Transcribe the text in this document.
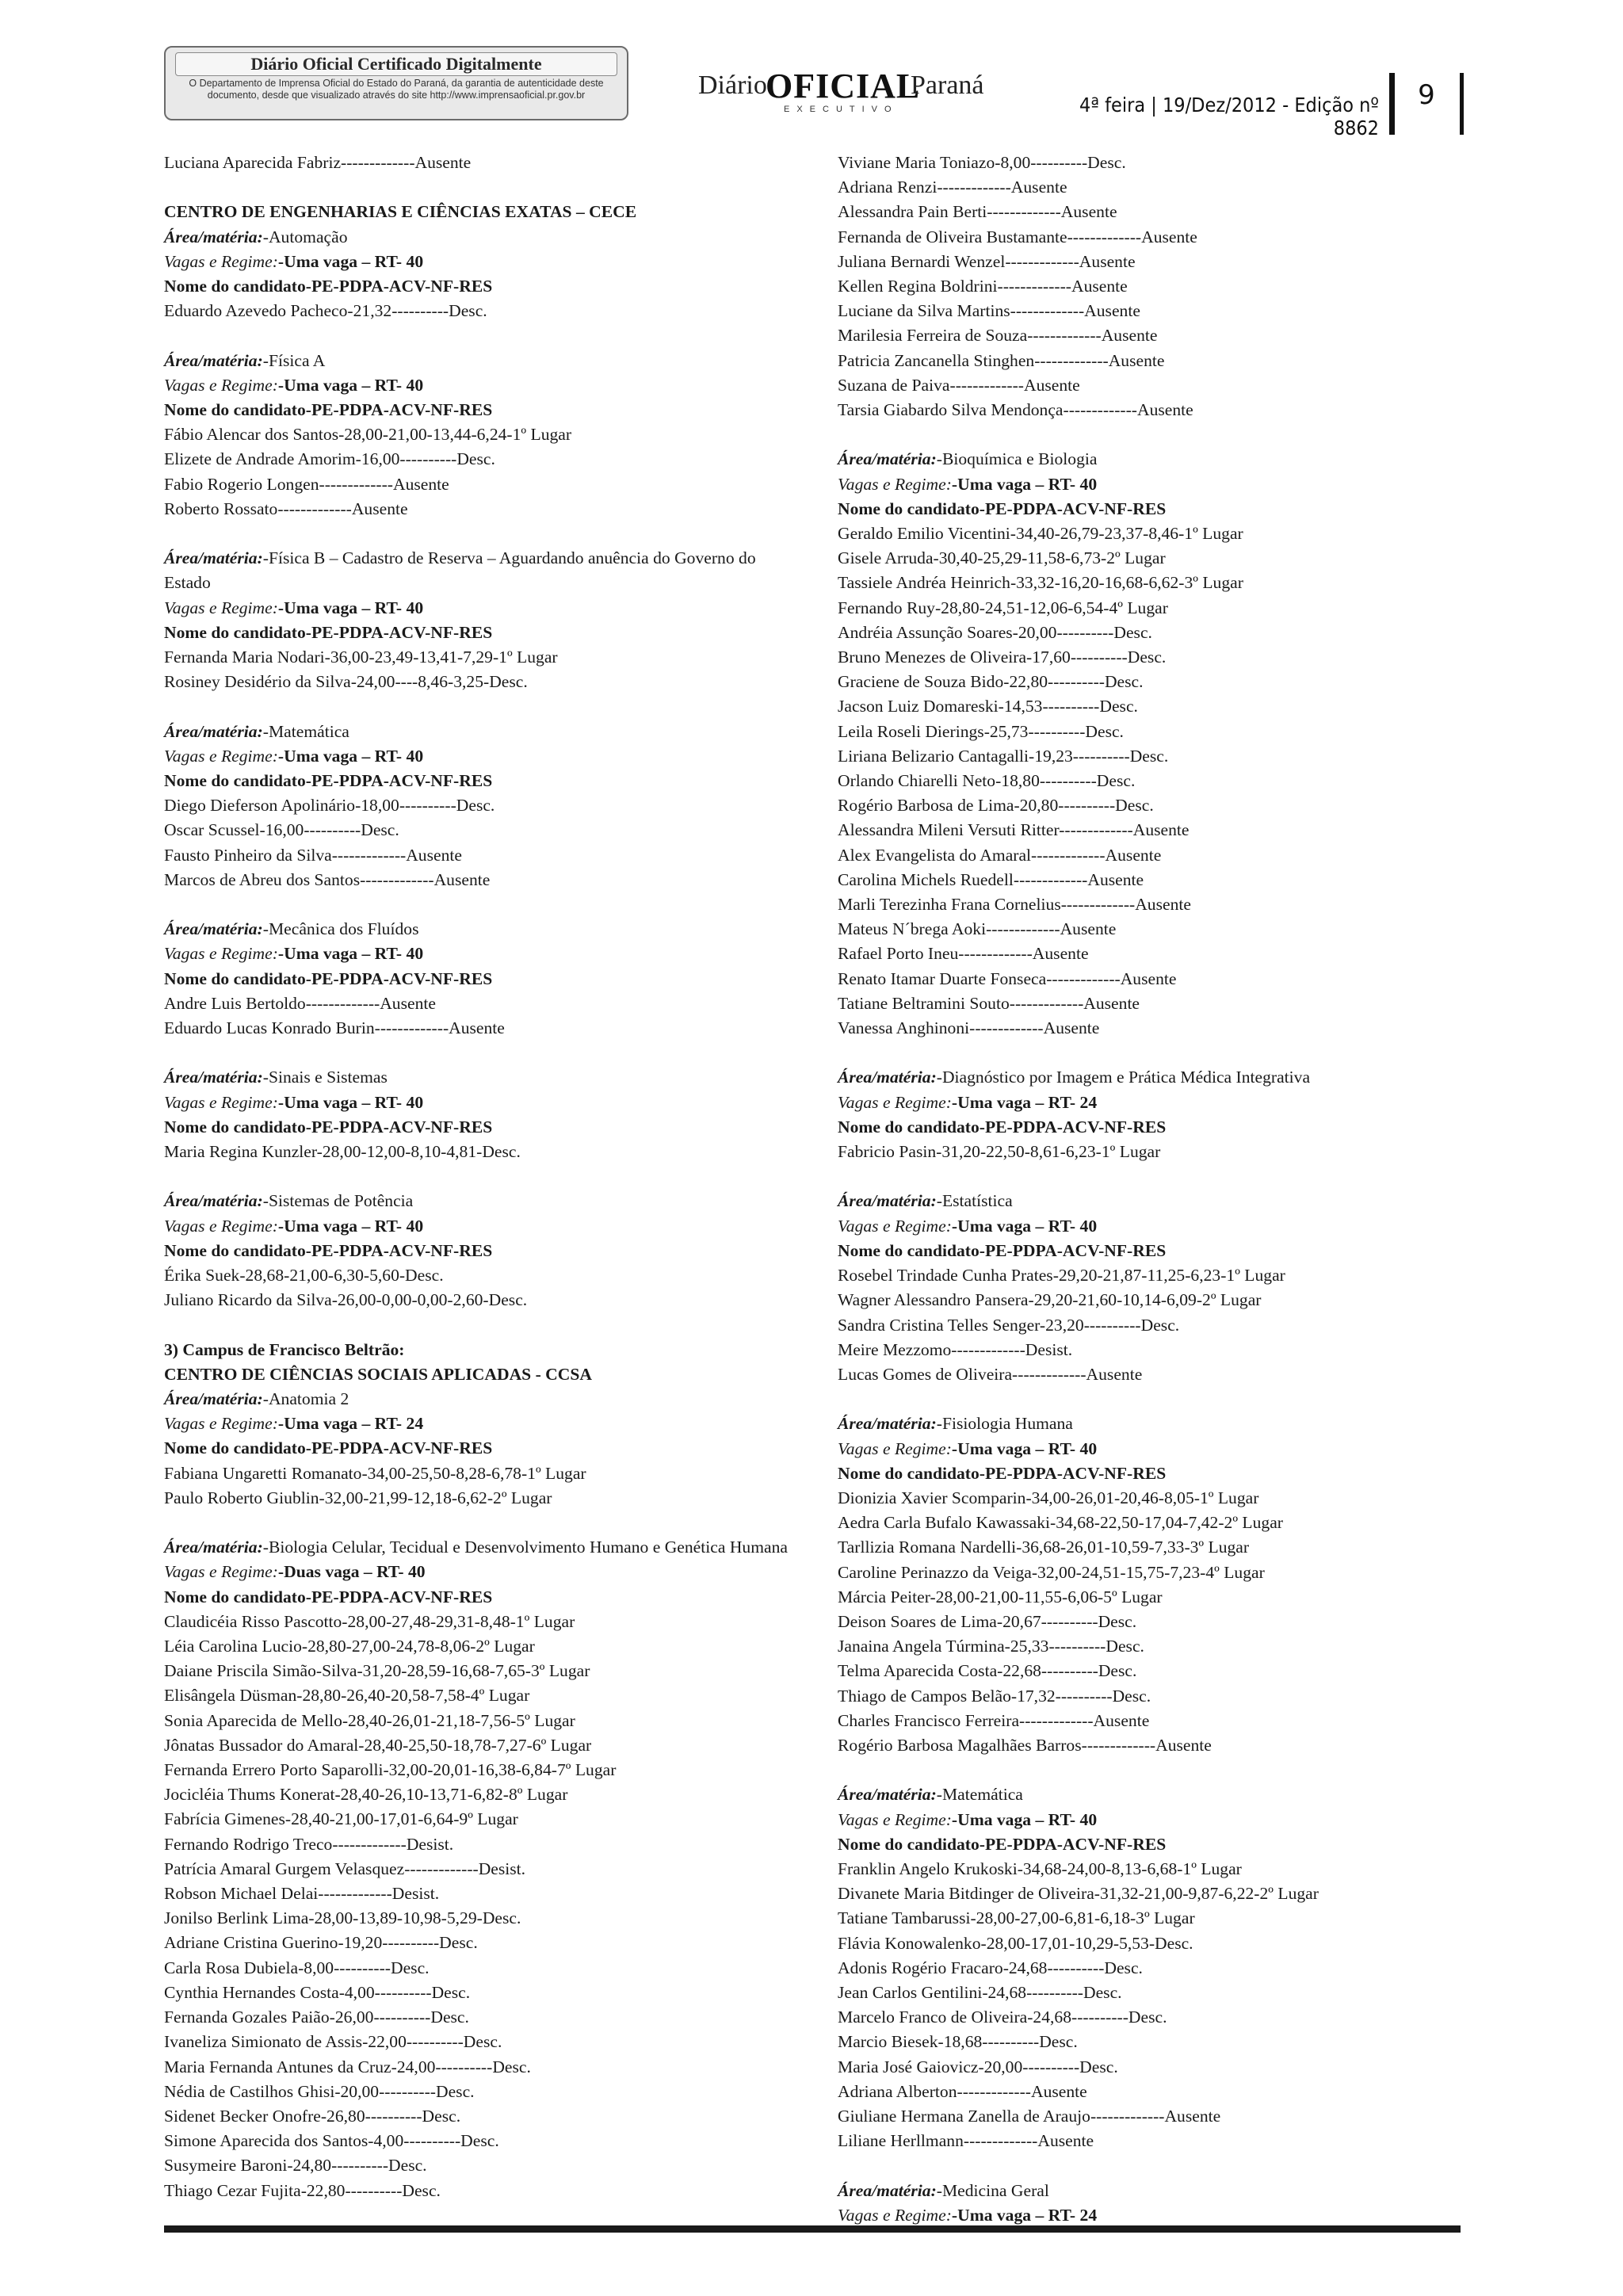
Diário Oficial Certificado Digitalmente
O Departamento de Imprensa Oficial do Estado do Paraná, da garantia de autenticidade deste documento, desde que visualizado através do site http://www.imprensaoficial.pr.gov.br	Diário
OFICIAL
Paraná
EXECUTIVO	4ª feira | 19/Dez/2012 - Edição nº 8862
9
Luciana Aparecida Fabriz-------------Ausente
CENTRO DE ENGENHARIAS E CIÊNCIAS EXATAS – CECE
Área/matéria:-Automação
Vagas e Regime:-Uma vaga – RT- 40
Nome do candidato-PE-PDPA-ACV-NF-RES
Eduardo Azevedo Pacheco-21,32----------Desc.
Área/matéria:-Física A
Vagas e Regime:-Uma vaga – RT- 40
Nome do candidato-PE-PDPA-ACV-NF-RES
Fábio Alencar dos Santos-28,00-21,00-13,44-6,24-1º Lugar
Elizete de Andrade Amorim-16,00----------Desc.
Fabio Rogerio Longen-------------Ausente
Roberto Rossato-------------Ausente
Área/matéria:-Física B – Cadastro de Reserva – Aguardando anuência do Governo do Estado
Vagas e Regime:-Uma vaga – RT- 40
Nome do candidato-PE-PDPA-ACV-NF-RES
Fernanda Maria Nodari-36,00-23,49-13,41-7,29-1º Lugar
Rosiney Desidério da Silva-24,00----8,46-3,25-Desc.
Área/matéria:-Matemática
Vagas e Regime:-Uma vaga – RT- 40
Nome do candidato-PE-PDPA-ACV-NF-RES
Diego Dieferson Apolinário-18,00----------Desc.
Oscar Scussel-16,00----------Desc.
Fausto Pinheiro da Silva-------------Ausente
Marcos de Abreu dos Santos-------------Ausente
Área/matéria:-Mecânica dos Fluídos
Vagas e Regime:-Uma vaga – RT- 40
Nome do candidato-PE-PDPA-ACV-NF-RES
Andre Luis Bertoldo-------------Ausente
Eduardo Lucas Konrado Burin-------------Ausente
Área/matéria:-Sinais e Sistemas
Vagas e Regime:-Uma vaga – RT- 40
Nome do candidato-PE-PDPA-ACV-NF-RES
Maria Regina Kunzler-28,00-12,00-8,10-4,81-Desc.
Área/matéria:-Sistemas de Potência
Vagas e Regime:-Uma vaga – RT- 40
Nome do candidato-PE-PDPA-ACV-NF-RES
Érika Suek-28,68-21,00-6,30-5,60-Desc.
Juliano Ricardo da Silva-26,00-0,00-0,00-2,60-Desc.
3) Campus de Francisco Beltrão:
CENTRO DE CIÊNCIAS SOCIAIS APLICADAS - CCSA
Área/matéria:-Anatomia 2
Vagas e Regime:-Uma vaga – RT- 24
Nome do candidato-PE-PDPA-ACV-NF-RES
Fabiana Ungaretti Romanato-34,00-25,50-8,28-6,78-1º Lugar
Paulo Roberto Giublin-32,00-21,99-12,18-6,62-2º Lugar
Área/matéria:-Biologia Celular, Tecidual e Desenvolvimento Humano e Genética Humana
Vagas e Regime:-Duas vaga – RT- 40
Nome do candidato-PE-PDPA-ACV-NF-RES
Claudicéia Risso Pascotto-28,00-27,48-29,31-8,48-1º Lugar
Léia Carolina Lucio-28,80-27,00-24,78-8,06-2º Lugar
Daiane Priscila Simão-Silva-31,20-28,59-16,68-7,65-3º Lugar
Elisângela Düsman-28,80-26,40-20,58-7,58-4º Lugar
Sonia Aparecida de Mello-28,40-26,01-21,18-7,56-5º Lugar
Jônatas Bussador do Amaral-28,40-25,50-18,78-7,27-6º Lugar
Fernanda Errero Porto Saparolli-32,00-20,01-16,38-6,84-7º Lugar
Jocicléia Thums Konerat-28,40-26,10-13,71-6,82-8º Lugar
Fabrícia Gimenes-28,40-21,00-17,01-6,64-9º Lugar
Fernando Rodrigo Treco-------------Desist.
Patrícia Amaral Gurgem Velasquez-------------Desist.
Robson Michael Delai-------------Desist.
Jonilso Berlink Lima-28,00-13,89-10,98-5,29-Desc.
Adriane Cristina Guerino-19,20----------Desc.
Carla Rosa Dubiela-8,00----------Desc.
Cynthia Hernandes Costa-4,00----------Desc.
Fernanda Gozales Paião-26,00----------Desc.
Ivaneliza Simionato de Assis-22,00----------Desc.
Maria Fernanda Antunes da Cruz-24,00----------Desc.
Nédia de Castilhos Ghisi-20,00----------Desc.
Sidenet Becker Onofre-26,80----------Desc.
Simone Aparecida dos Santos-4,00----------Desc.
Susymeire Baroni-24,80----------Desc.
Thiago Cezar Fujita-22,80----------Desc.
Viviane Maria Toniazo-8,00----------Desc.
Adriana Renzi-------------Ausente
Alessandra Pain Berti-------------Ausente
Fernanda de Oliveira Bustamante-------------Ausente
Juliana Bernardi Wenzel-------------Ausente
Kellen Regina Boldrini-------------Ausente
Luciane da Silva Martins-------------Ausente
Marilesia Ferreira de Souza-------------Ausente
Patricia Zancanella Stinghen-------------Ausente
Suzana de Paiva-------------Ausente
Tarsia Giabardo Silva Mendonça-------------Ausente
Área/matéria:-Bioquímica e Biologia
Vagas e Regime:-Uma vaga – RT- 40
Nome do candidato-PE-PDPA-ACV-NF-RES
Geraldo Emilio Vicentini-34,40-26,79-23,37-8,46-1º Lugar
Gisele Arruda-30,40-25,29-11,58-6,73-2º Lugar
Tassiele Andréa Heinrich-33,32-16,20-16,68-6,62-3º Lugar
Fernando Ruy-28,80-24,51-12,06-6,54-4º Lugar
Andréia Assunção Soares-20,00----------Desc.
Bruno Menezes de Oliveira-17,60----------Desc.
Graciene de Souza Bido-22,80----------Desc.
Jacson Luiz Domareski-14,53----------Desc.
Leila Roseli Dierings-25,73----------Desc.
Liriana Belizario Cantagalli-19,23----------Desc.
Orlando Chiarelli Neto-18,80----------Desc.
Rogério Barbosa de Lima-20,80----------Desc.
Alessandra Mileni Versuti Ritter-------------Ausente
Alex Evangelista do Amaral-------------Ausente
Carolina Michels Ruedell-------------Ausente
Marli Terezinha Frana Cornelius-------------Ausente
Mateus N´brega Aoki-------------Ausente
Rafael Porto Ineu-------------Ausente
Renato Itamar Duarte Fonseca-------------Ausente
Tatiane Beltramini Souto-------------Ausente
Vanessa Anghinoni-------------Ausente
Área/matéria:-Diagnóstico por Imagem e Prática Médica Integrativa
Vagas e Regime:-Uma vaga – RT- 24
Nome do candidato-PE-PDPA-ACV-NF-RES
Fabricio Pasin-31,20-22,50-8,61-6,23-1º Lugar
Área/matéria:-Estatística
Vagas e Regime:-Uma vaga – RT- 40
Nome do candidato-PE-PDPA-ACV-NF-RES
Rosebel Trindade Cunha Prates-29,20-21,87-11,25-6,23-1º Lugar
Wagner Alessandro Pansera-29,20-21,60-10,14-6,09-2º Lugar
Sandra Cristina Telles Senger-23,20----------Desc.
Meire Mezzomo-------------Desist.
Lucas Gomes de Oliveira-------------Ausente
Área/matéria:-Fisiologia Humana
Vagas e Regime:-Uma vaga – RT- 40
Nome do candidato-PE-PDPA-ACV-NF-RES
Dionizia Xavier Scomparin-34,00-26,01-20,46-8,05-1º Lugar
Aedra Carla Bufalo Kawassaki-34,68-22,50-17,04-7,42-2º Lugar
Tarllizia Romana Nardelli-36,68-26,01-10,59-7,33-3º Lugar
Caroline Perinazzo da Veiga-32,00-24,51-15,75-7,23-4º Lugar
Márcia Peiter-28,00-21,00-11,55-6,06-5º Lugar
Deison Soares de Lima-20,67----------Desc.
Janaina Angela Túrmina-25,33----------Desc.
Telma Aparecida Costa-22,68----------Desc.
Thiago de Campos Belão-17,32----------Desc.
Charles Francisco Ferreira-------------Ausente
Rogério Barbosa Magalhães Barros-------------Ausente
Área/matéria:-Matemática
Vagas e Regime:-Uma vaga – RT- 40
Nome do candidato-PE-PDPA-ACV-NF-RES
Franklin Angelo Krukoski-34,68-24,00-8,13-6,68-1º Lugar
Divanete Maria Bitdinger de Oliveira-31,32-21,00-9,87-6,22-2º Lugar
Tatiane Tambarussi-28,00-27,00-6,81-6,18-3º Lugar
Flávia Konowalenko-28,00-17,01-10,29-5,53-Desc.
Adonis Rogério Fracaro-24,68----------Desc.
Jean Carlos Gentilini-24,68----------Desc.
Marcelo Franco de Oliveira-24,68----------Desc.
Marcio Biesek-18,68----------Desc.
Maria José Gaiovicz-20,00----------Desc.
Adriana Alberton-------------Ausente
Giuliane Hermana Zanella de Araujo-------------Ausente
Liliane Herllmann-------------Ausente
Área/matéria:-Medicina Geral
Vagas e Regime:-Uma vaga – RT- 24
